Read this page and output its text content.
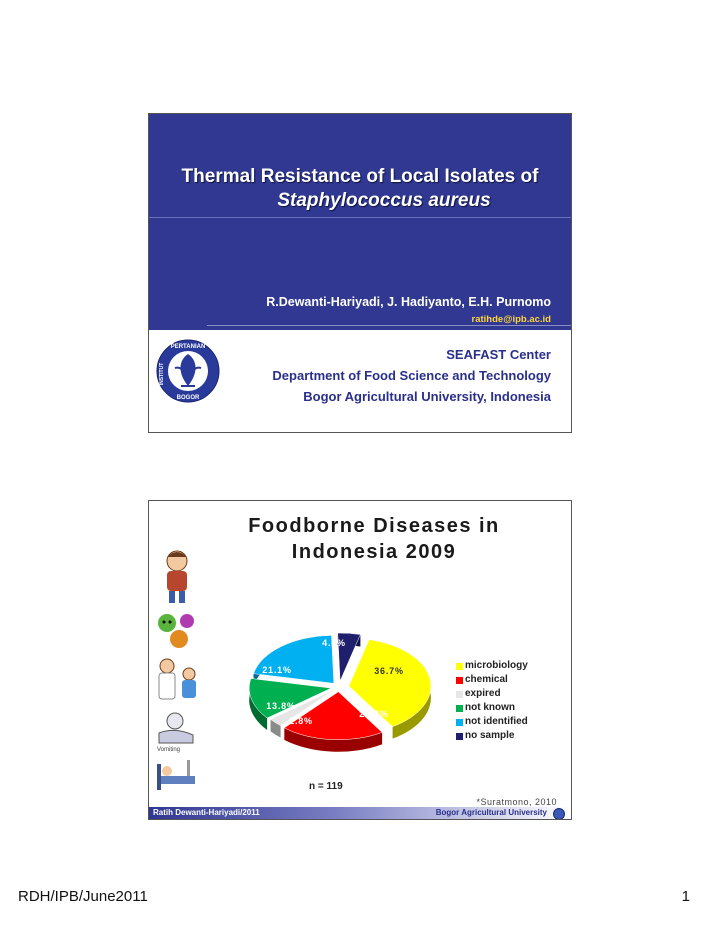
Thermal Resistance of Local Isolates of
Staphylococcus aureus
R.Dewanti-Hariyadi, J. Hadiyanto, E.H. Purnomo
ratihde@ipb.ac.id
PERTANIAN
INSTITUT
BOGOR
SEAFAST Center
Department of Food Science and Technology
Bogor Agricultural University, Indonesia
Foodborne Diseases in
Indonesia 2009
Vomiting
36.7%
20.2%
2.8%
13.8%
21.1%
4.4%
microbiology
chemical
expired
not known
not identified
no sample
n = 119
*Suratmono, 2010
Ratih Dewanti-Hariyadi/2011	Bogor Agricultural University
RDH/IPB/June2011	1
